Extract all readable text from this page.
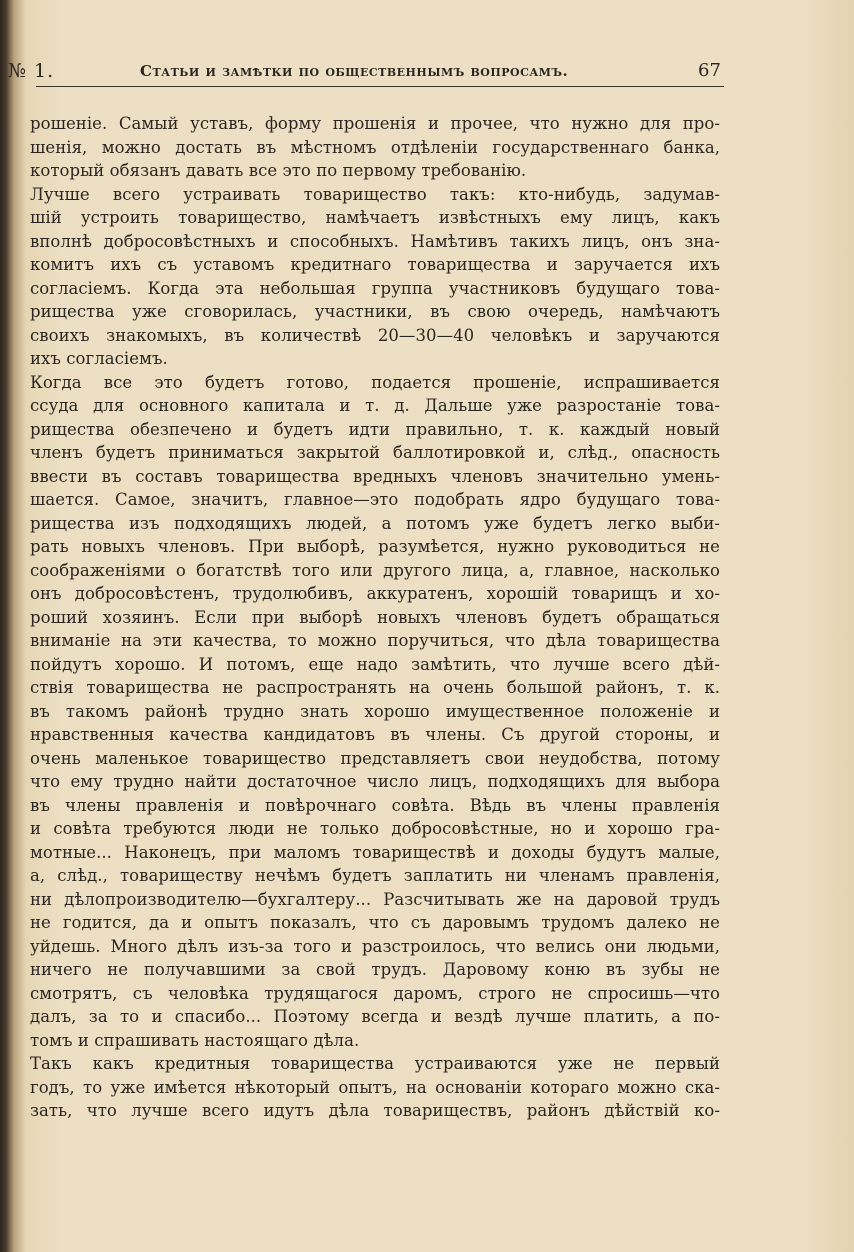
№ 1.	Статьи и замѣтки по общественнымъ вопросамъ.	67
рошеніе. Самый уставъ, форму прошенія и прочее, что нужно для про-
шенія, можно достать въ мѣстномъ отдѣленіи государственнаго банка,
который обязанъ давать все это по первому требованію.
Лучше всего устраивать товарищество такъ: кто-нибудь, задумав-
шій устроить товарищество, намѣчаетъ извѣстныхъ ему лицъ, какъ
вполнѣ добросовѣстныхъ и способныхъ. Намѣтивъ такихъ лицъ, онъ зна-
комитъ ихъ съ уставомъ кредитнаго товарищества и заручается ихъ
согласіемъ. Когда эта небольшая группа участниковъ будущаго това-
рищества уже сговорилась, участники, въ свою очередь, намѣчаютъ
своихъ знакомыхъ, въ количествѣ 20—30—40 человѣкъ и заручаются
ихъ согласіемъ.
Когда все это будетъ готово, подается прошеніе, испрашивается
ссуда для основного капитала и т. д. Дальше уже разростаніе това-
рищества обезпечено и будетъ идти правильно, т. к. каждый новый
членъ будетъ приниматься закрытой баллотировкой и, слѣд., опасность
ввести въ составъ товарищества вредныхъ членовъ значительно умень-
шается. Самое, значитъ, главное—это подобрать ядро будущаго това-
рищества изъ подходящихъ людей, а потомъ уже будетъ легко выби-
рать новыхъ членовъ. При выборѣ, разумѣется, нужно руководиться не
соображеніями о богатствѣ того или другого лица, а, главное, насколько
онъ добросовѣстенъ, трудолюбивъ, аккуратенъ, хорошій товарищъ и хо-
роший хозяинъ. Если при выборѣ новыхъ членовъ будетъ обращаться
вниманіе на эти качества, то можно поручиться, что дѣла товарищества
пойдутъ хорошо. И потомъ, еще надо замѣтить, что лучше всего дѣй-
ствія товарищества не распространять на очень большой районъ, т. к.
въ такомъ районѣ трудно знать хорошо имущественное положеніе и
нравственныя качества кандидатовъ въ члены. Съ другой стороны, и
очень маленькое товарищество представляетъ свои неудобства, потому
что ему трудно найти достаточное число лицъ, подходящихъ для выбора
въ члены правленія и повѣрочнаго совѣта. Вѣдь въ члены правленія
и совѣта требуются люди не только добросовѣстные, но и хорошо гра-
мотные... Наконецъ, при маломъ товариществѣ и доходы будутъ малые,
а, слѣд., товариществу нечѣмъ будетъ заплатить ни членамъ правленія,
ни дѣлопроизводителю—бухгалтеру... Разсчитывать же на даровой трудъ
не годится, да и опытъ показалъ, что съ даровымъ трудомъ далеко не
уйдешь. Много дѣлъ изъ-за того и разстроилось, что велись они людьми,
ничего не получавшими за свой трудъ. Даровому коню въ зубы не
смотрятъ, съ человѣка трудящагося даромъ, строго не спросишь—что
далъ, за то и спасибо... Поэтому всегда и вездѣ лучше платить, а по-
томъ и спрашивать настоящаго дѣла.
Такъ какъ кредитныя товарищества устраиваются уже не первый
годъ, то уже имѣется нѣкоторый опытъ, на основаніи котораго можно ска-
зать, что лучше всего идутъ дѣла товариществъ, районъ дѣйствій ко-
